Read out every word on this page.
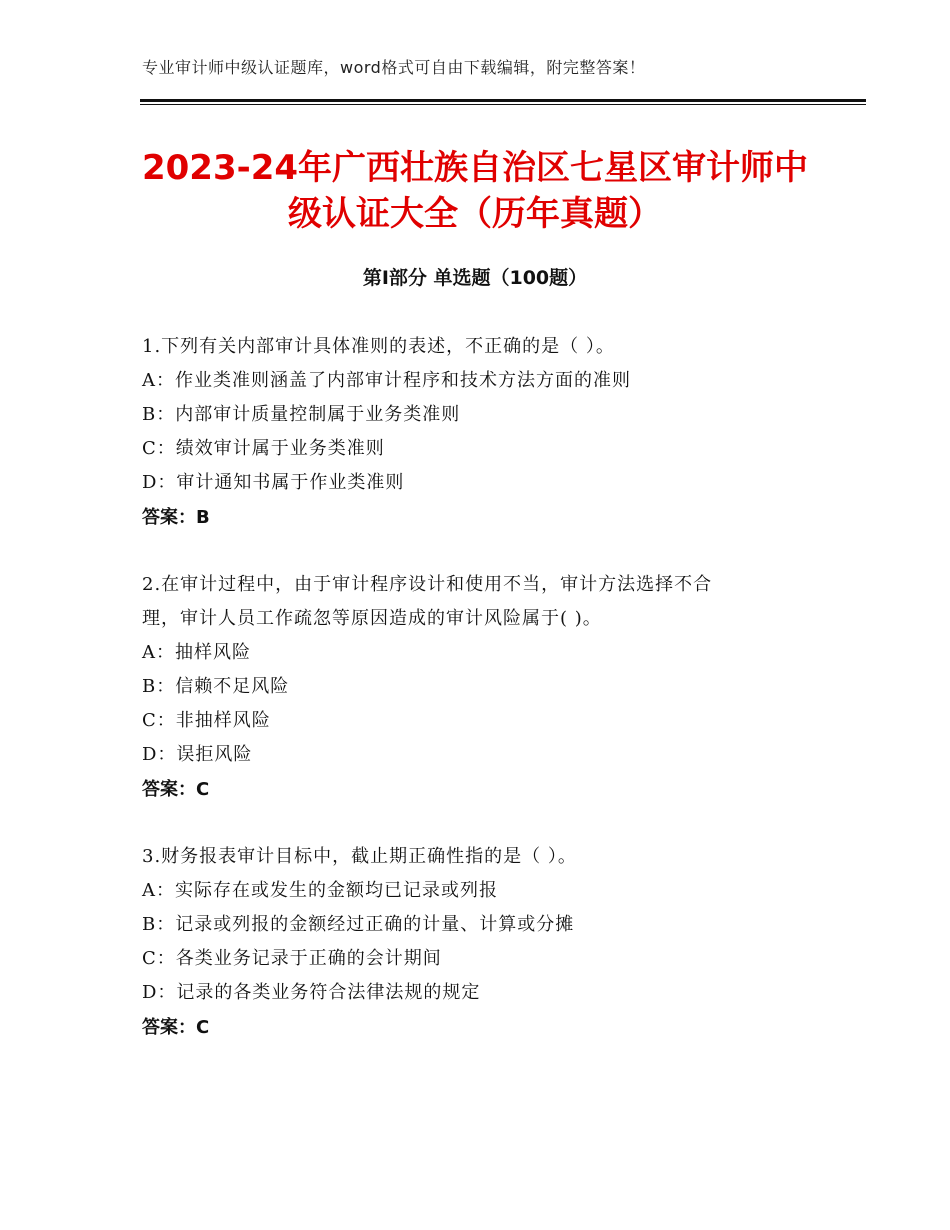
专业审计师中级认证题库，word格式可自由下载编辑，附完整答案！
2023-24年广西壮族自治区七星区审计师中
级认证大全（历年真题）
第Ⅰ部分 单选题（100题）
1.下列有关内部审计具体准则的表述，不正确的是（ ）。
A：作业类准则涵盖了内部审计程序和技术方法方面的准则
B：内部审计质量控制属于业务类准则
C：绩效审计属于业务类准则
D：审计通知书属于作业类准则
答案：B
2.在审计过程中，由于审计程序设计和使用不当，审计方法选择不合
理，审计人员工作疏忽等原因造成的审计风险属于( )。
A：抽样风险
B：信赖不足风险
C：非抽样风险
D：误拒风险
答案：C
3.财务报表审计目标中，截止期正确性指的是（ ）。
A：实际存在或发生的金额均已记录或列报
B：记录或列报的金额经过正确的计量、计算或分摊
C：各类业务记录于正确的会计期间
D：记录的各类业务符合法律法规的规定
答案：C
